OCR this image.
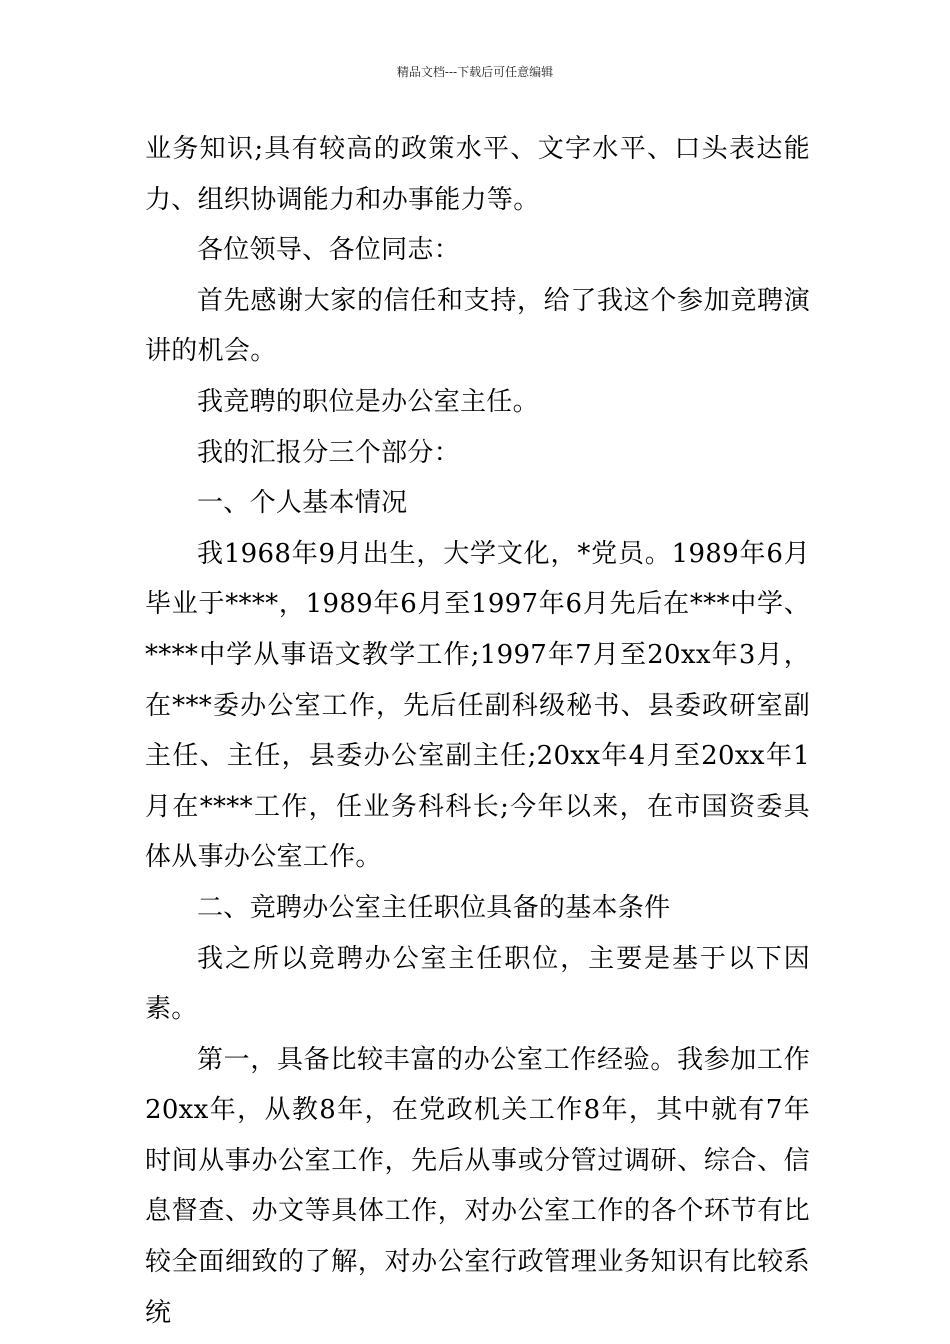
精品文档---下载后可任意编辑

业务知识;具有较高的政策水平、文字水平、口头表达能力、组织协调能力和办事能力等。

各位领导、各位同志：

首先感谢大家的信任和支持，给了我这个参加竞聘演讲的机会。

我竞聘的职位是办公室主任。

我的汇报分三个部分：

一、个人基本情况

我1968年9月出生，大学文化，*党员。1989年6月毕业于****，1989年6月至1997年6月先后在***中学、****中学从事语文教学工作;1997年7月至20xx年3月，在***委办公室工作，先后任副科级秘书、县委政研室副主任、主任，县委办公室副主任;20xx年4月至20xx年1月在****工作，任业务科科长;今年以来，在市国资委具体从事办公室工作。

二、竞聘办公室主任职位具备的基本条件

我之所以竞聘办公室主任职位，主要是基于以下因素。

第一，具备比较丰富的办公室工作经验。我参加工作20xx年，从教8年，在党政机关工作8年，其中就有7年时间从事办公室工作，先后从事或分管过调研、综合、信息督查、办文等具体工作，对办公室工作的各个环节有比较全面细致的了解，对办公室行政管理业务知识有比较系统
